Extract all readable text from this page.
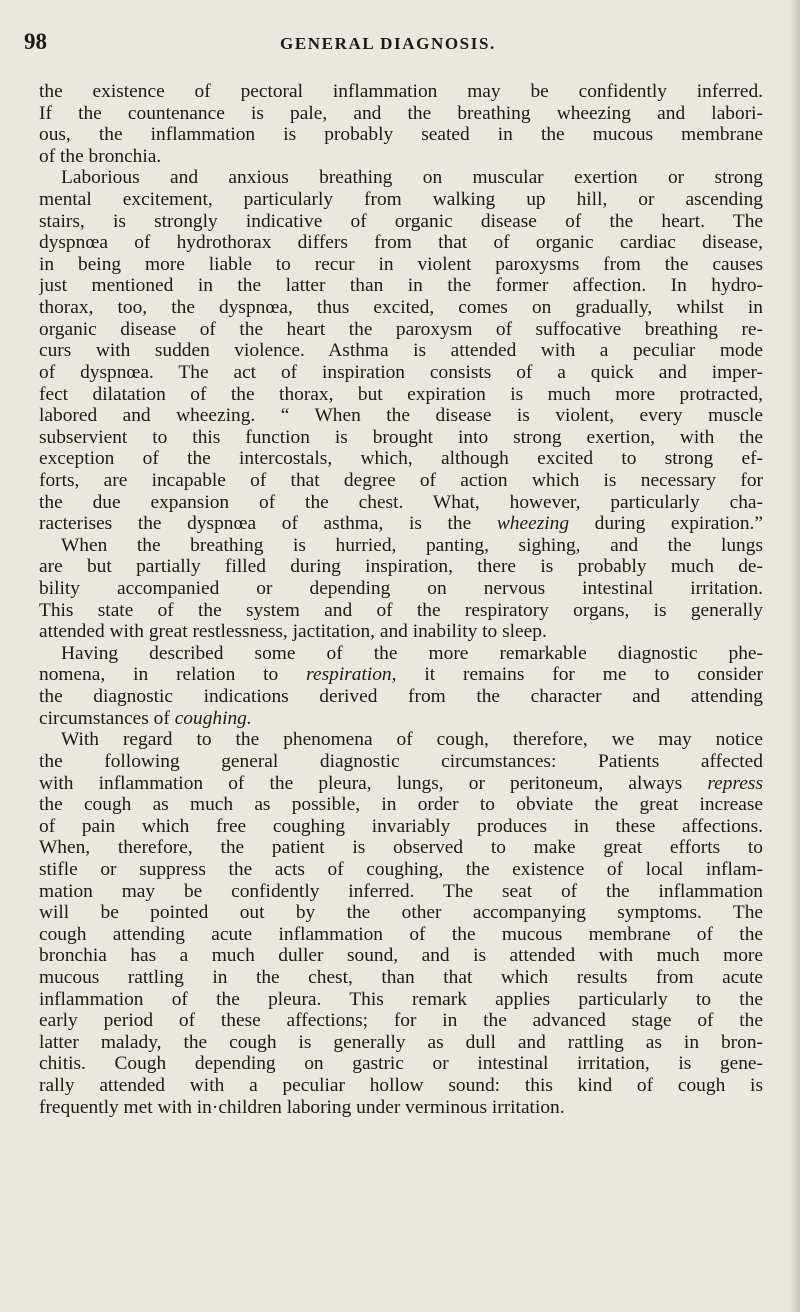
98	GENERAL DIAGNOSIS.
the existence of pectoral inflammation may be confidently inferred.
If the countenance is pale, and the breathing wheezing and labori-
ous, the inflammation is probably seated in the mucous membrane
of the bronchia.
Laborious and anxious breathing on muscular exertion or strong
mental excitement, particularly from walking up hill, or ascending
stairs, is strongly indicative of organic disease of the heart. The
dyspnœa of hydrothorax differs from that of organic cardiac disease,
in being more liable to recur in violent paroxysms from the causes
just mentioned in the latter than in the former affection. In hydro-
thorax, too, the dyspnœa, thus excited, comes on gradually, whilst in
organic disease of the heart the paroxysm of suffocative breathing re-
curs with sudden violence. Asthma is attended with a peculiar mode
of dyspnœa. The act of inspiration consists of a quick and imper-
fect dilatation of the thorax, but expiration is much more protracted,
labored and wheezing. “ When the disease is violent, every muscle
subservient to this function is brought into strong exertion, with the
exception of the intercostals, which, although excited to strong ef-
forts, are incapable of that degree of action which is necessary for
the due expansion of the chest. What, however, particularly cha-
racterises the dyspnœa of asthma, is the wheezing during expiration.”
When the breathing is hurried, panting, sighing, and the lungs
are but partially filled during inspiration, there is probably much de-
bility accompanied or depending on nervous intestinal irritation.
This state of the system and of the respiratory organs, is generally
attended with great restlessness, jactitation, and inability to sleep.
Having described some of the more remarkable diagnostic phe-
nomena, in relation to respiration, it remains for me to consider
the diagnostic indications derived from the character and attending
circumstances of coughing.
With regard to the phenomena of cough, therefore, we may notice
the following general diagnostic circumstances: Patients affected
with inflammation of the pleura, lungs, or peritoneum, always repress
the cough as much as possible, in order to obviate the great increase
of pain which free coughing invariably produces in these affections.
When, therefore, the patient is observed to make great efforts to
stifle or suppress the acts of coughing, the existence of local inflam-
mation may be confidently inferred. The seat of the inflammation
will be pointed out by the other accompanying symptoms. The
cough attending acute inflammation of the mucous membrane of the
bronchia has a much duller sound, and is attended with much more
mucous rattling in the chest, than that which results from acute
inflammation of the pleura. This remark applies particularly to the
early period of these affections; for in the advanced stage of the
latter malady, the cough is generally as dull and rattling as in bron-
chitis. Cough depending on gastric or intestinal irritation, is gene-
rally attended with a peculiar hollow sound: this kind of cough is
frequently met with in·children laboring under verminous irritation.
